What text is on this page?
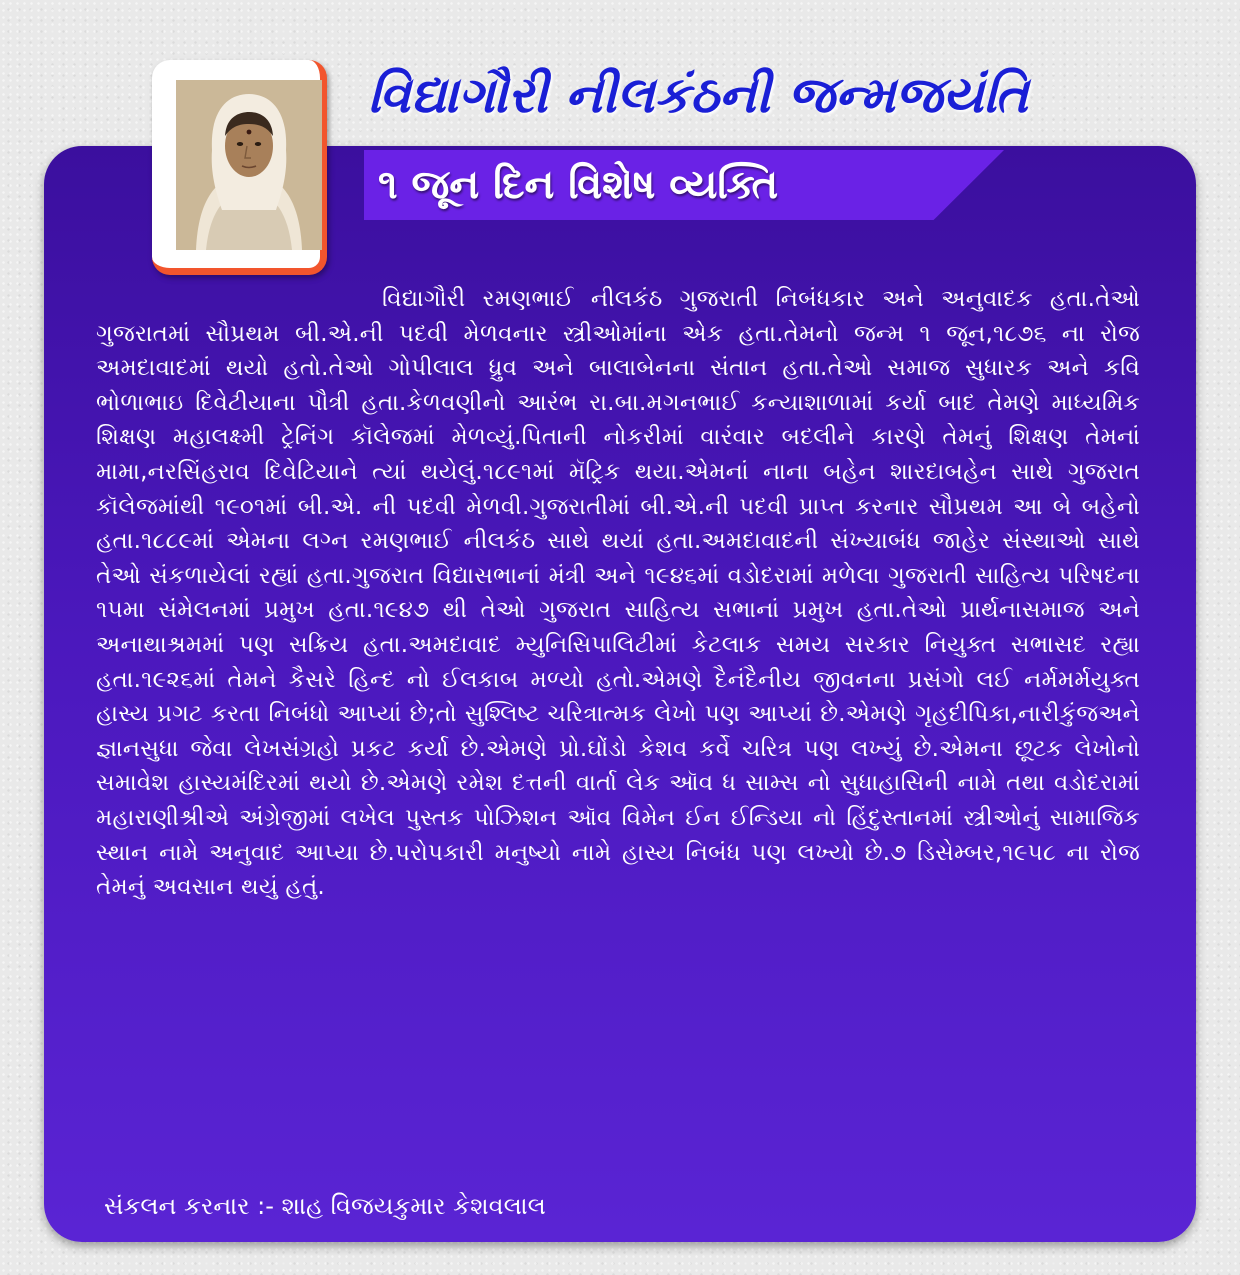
૧ જૂન દિન વિશેષ વ્યક્તિ
વિદ્યાગૌરી નીલકંઠની જન્મજયંતિ

વિદ્યાગૌરી રમણભાઈ નીલકંઠ ગુજરાતી નિબંધકાર અને અનુવાદક હતા.તેઓ ગુજરાતમાં સૌપ્રથમ બી.એ.ની પદવી મેળવનાર સ્ત્રીઓમાંના એક હતા.તેમનો જન્મ ૧ જૂન,૧૮૭૬ ના રોજ અમદાવાદમાં થયો હતો.તેઓ ગોપીલાલ ધ્રુવ અને બાલાબેનના સંતાન હતા.તેઓ સમાજ સુધારક અને કવિ ભોળાભાઇ દિવેટીયાના પૌત્રી હતા.કેળવણીનો આરંભ રા.બા.મગનભાઈ કન્યાશાળામાં કર્યા બાદ તેમણે માધ્યમિક શિક્ષણ મહાલક્ષ્મી ટ્રેનિંગ કૉલેજમાં મેળવ્યું.પિતાની નોકરીમાં વારંવાર બદલીને કારણે તેમનું શિક્ષણ તેમનાં મામા,નરસિંહરાવ દિવેટિયાને ત્યાં થયેલું.૧૮૯૧માં મૅટ્રિક થયા.એમનાં નાના બહેન શારદાબહેન સાથે ગુજરાત કૉલેજમાંથી ૧૯૦૧માં બી.એ. ની પદવી મેળવી.ગુજરાતીમાં બી.એ.ની પદવી પ્રાપ્ત કરનાર સૌપ્રથમ આ બે બહેનો હતા.૧૮૮૯માં એમના લગ્ન રમણભાઈ નીલકંઠ સાથે થયાં હતા.અમદાવાદની સંખ્યાબંધ જાહેર સંસ્થાઓ સાથે તેઓ સંકળાયેલાં રહ્યાં હતા.ગુજરાત વિદ્યાસભાનાં મંત્રી અને ૧૯૪૬માં વડોદરામાં મળેલા ગુજરાતી સાહિત્ય પરિષદના ૧૫મા સંમેલનમાં પ્રમુખ હતા.૧૯૪૭ થી તેઓ ગુજરાત સાહિત્ય સભાનાં પ્રમુખ હતા.તેઓ પ્રાર્થનાસમાજ અને અનાથાશ્રમમાં પણ સક્રિય હતા.અમદાવાદ મ્યુનિસિપાલિટીમાં કેટલાક સમય સરકાર નિયુક્ત સભાસદ રહ્યા હતા.૧૯૨૬માં તેમને કૈસરે હિન્દ નો ઈલકાબ મળ્યો હતો.એમણે દૈનંદૈનીય જીવનના પ્રસંગો લઈ નર્મમર્મયુક્ત હાસ્ય પ્રગટ કરતા નિબંધો આપ્યાં છે;તો સુશ્લિષ્ટ ચરિત્રાત્મક લેખો પણ આપ્યાં છે.એમણે ગૃહદીપિકા,નારીકુંજઅને જ્ઞાનસુધા જેવા લેખસંગ્રહો પ્રકટ કર્યા છે.એમણે પ્રો.ઘોંડો કેશવ કર્વે ચરિત્ર પણ લખ્યું છે.એમના છૂટક લેખોનો સમાવેશ હાસ્યમંદિરમાં થયો છે.એમણે રમેશ દત્તની વાર્તા લેક ઑવ ધ સામ્સ નો સુધાહાસિની નામે તથા વડોદરામાં મહારાણીશ્રીએ અંગ્રેજીમાં લખેલ પુસ્તક પોઝિશન ઑવ વિમેન ઈન ઈન્ડિયા નો હિંદુસ્તાનમાં સ્ત્રીઓનું સામાજિક સ્થાન નામે અનુવાદ આપ્યા છે.પરોપકારી મનુષ્યો નામે હાસ્ય નિબંધ પણ લખ્યો છે.૭ ડિસેમ્બર,૧૯૫૮ ના રોજ તેમનું અવસાન થયું હતું.

સંકલન કરનાર :- શાહ વિજયકુમાર કેશવલાલ
